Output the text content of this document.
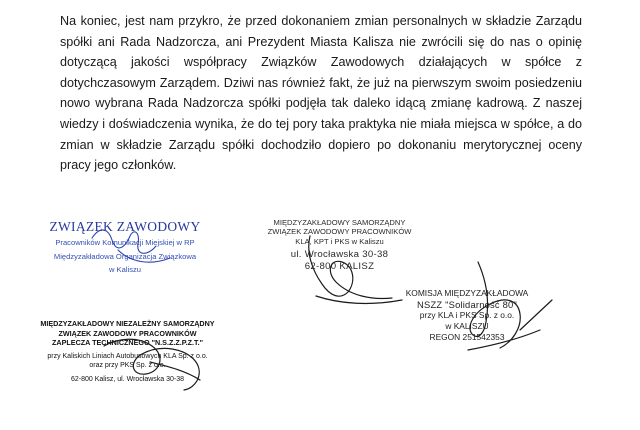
Na koniec, jest nam przykro, że przed dokonaniem zmian personalnych w składzie Zarządu spółki ani Rada Nadzorcza, ani Prezydent Miasta Kalisza nie zwrócili się do nas o opinię dotyczącą jakości współpracy Związków Zawodowych działających w spółce z dotychczasowym Zarządem. Dziwi nas również fakt, że już na pierwszym swoim posiedzeniu nowo wybrana Rada Nadzorcza spółki podjęła tak daleko idącą zmianę kadrową. Z naszej wiedzy i doświadczenia wynika, że do tej pory taka praktyka nie miała miejsca w spółce, a do zmian w składzie Zarządu spółki dochodziło dopiero po dokonaniu merytorycznej oceny pracy jego członków.

ZWIĄZEK ZAWODOWY
Pracowników Komunikacji Miejskiej w RP
Międzyzakładowa Organizacja Związkowa
w Kaliszu
MIĘDZYZAKŁADOWY SAMORZĄDNY
ZWIĄZEK ZAWODOWY PRACOWNIKÓW
KLA, KPT i PKS w Kaliszu
ul. Wrocławska 30-38
62-800 KALISZ
KOMISJA MIĘDZYZAKŁADOWA
NSZZ "Solidarność 80"
przy KLA i PKS Sp. z o.o.
w KALISZU
REGON 251542353
MIĘDZYZAKŁADOWY NIEZALEŻNY SAMORZĄDNY
ZWIĄZEK ZAWODOWY PRACOWNIKÓW
ZAPLECZA TECHNICZNEGO "N.S.Z.Z.P.Z.T."
przy Kaliskich Liniach Autobusowych KLA Sp. z o.o.
oraz przy PKS Sp. z o.o.
62-800 Kalisz, ul. Wrocławska 30-38
